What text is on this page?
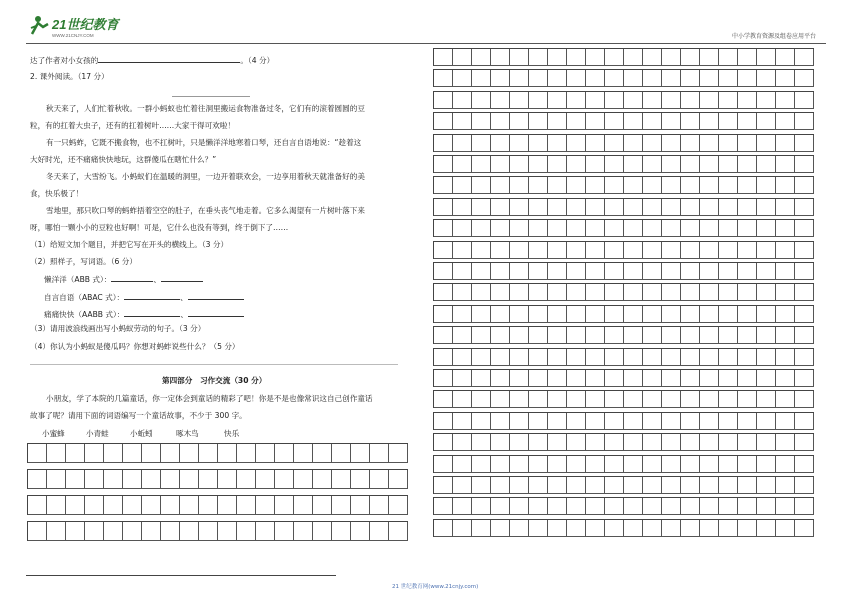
21世纪教育
WWW.21CNJY.COM	中小学教育资源及组卷应用平台
达了作者对小女孩的	。（4 分）
2. 课外阅读。（17 分）
秋天来了，人们忙着秋收。一群小蚂蚁也忙着往洞里搬运食物准备过冬，它们有的滚着圆圆的豆
粒，有的扛着大虫子，还有的扛着树叶……大家干得可欢啦！
有一只蚂蚱，它既不搬食物，也不扛树叶，只是懒洋洋地寒着口琴，还自言自语地说：“趁着这
大好时光，还不痛痛快快地玩，这群傻瓜在瞎忙什么？”
冬天来了，大雪纷飞。小蚂蚁们在温暖的洞里，一边开着联欢会，一边享用着秋天就准备好的美
食，快乐极了！
雪地里，那只吹口琴的蚂蚱捂着空空的肚子，在垂头丧气地走着。它多么渴望有一片树叶落下来
呀，哪怕一颗小小的豆粒也好啊！可是，它什么也没有等到，终于倒下了……
（1）给短文加个题目，并把它写在开头的横线上。（3 分）
（2）照样子，写词语。（6 分）
懒洋洋（ABB 式）：	、
自言自语（ABAC 式）：	、
痛痛快快（AABB 式）：	、
（3）请用波浪线画出写小蚂蚁劳动的句子。（3 分）
（4）你认为小蚂蚁是傻瓜吗？你想对蚂蚱说些什么？（5 分）
第四部分　习作交流（30 分）
小朋友，学了本院的几篇童话，你一定体会到童话的精彩了吧！你是不是也像常识这自己创作童话
故事了呢？请用下面的词语编写一个童话故事，不少于 300 字。
小蜜蜂	小青蛙	小蚯蚓	啄木鸟	快乐
21 世纪教育网(www.21cnjy.com)
